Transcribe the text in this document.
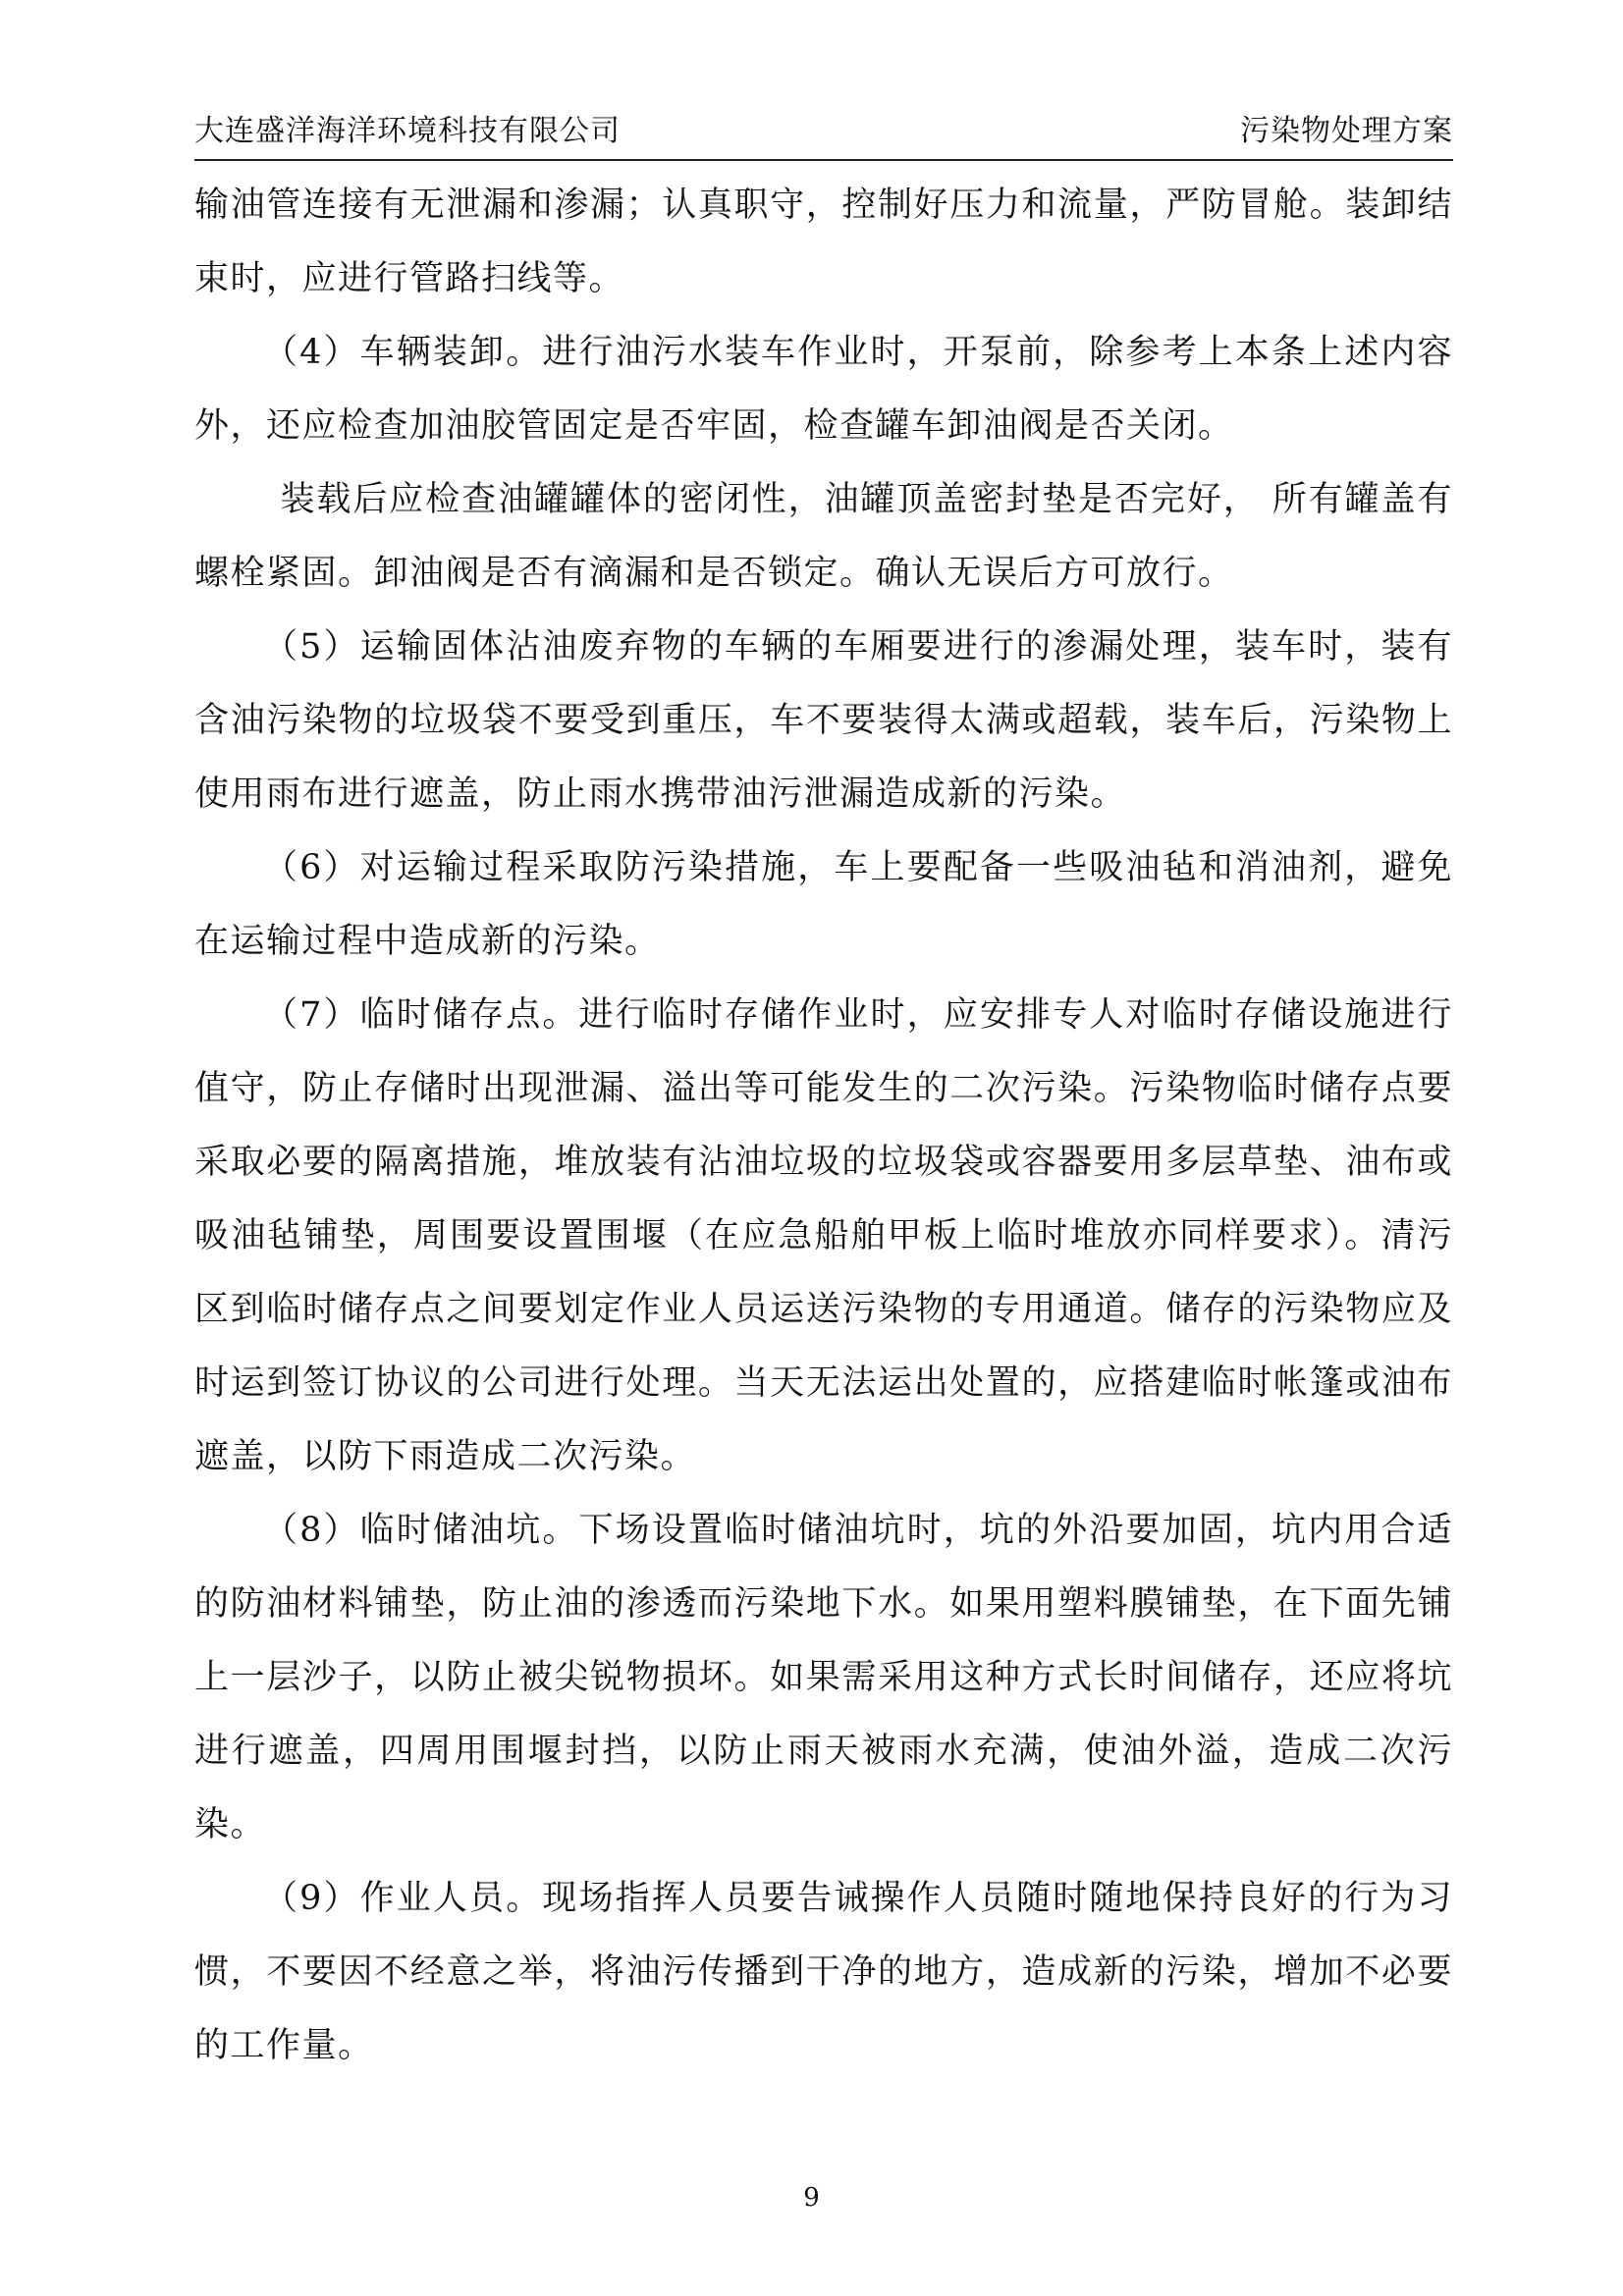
大连盛洋海洋环境科技有限公司	污染物处理方案

输油管连接有无泄漏和渗漏；认真职守，控制好压力和流量，严防冒舱。装卸结束时，应进行管路扫线等。

（4）车辆装卸。进行油污水装车作业时，开泵前，除参考上本条上述内容外，还应检查加油胶管固定是否牢固，检查罐车卸油阀是否关闭。

装载后应检查油罐罐体的密闭性，油罐顶盖密封垫是否完好， 所有罐盖有螺栓紧固。卸油阀是否有滴漏和是否锁定。确认无误后方可放行。

（5）运输固体沾油废弃物的车辆的车厢要进行的渗漏处理，装车时，装有含油污染物的垃圾袋不要受到重压，车不要装得太满或超载，装车后，污染物上使用雨布进行遮盖，防止雨水携带油污泄漏造成新的污染。

（6）对运输过程采取防污染措施，车上要配备一些吸油毡和消油剂，避免在运输过程中造成新的污染。

（7）临时储存点。进行临时存储作业时，应安排专人对临时存储设施进行值守，防止存储时出现泄漏、溢出等可能发生的二次污染。污染物临时储存点要采取必要的隔离措施，堆放装有沾油垃圾的垃圾袋或容器要用多层草垫、油布或吸油毡铺垫，周围要设置围堰（在应急船舶甲板上临时堆放亦同样要求）。清污区到临时储存点之间要划定作业人员运送污染物的专用通道。储存的污染物应及时运到签订协议的公司进行处理。当天无法运出处置的，应搭建临时帐篷或油布遮盖，以防下雨造成二次污染。

（8）临时储油坑。下场设置临时储油坑时，坑的外沿要加固，坑内用合适的防油材料铺垫，防止油的渗透而污染地下水。如果用塑料膜铺垫，在下面先铺上一层沙子，以防止被尖锐物损坏。如果需采用这种方式长时间储存，还应将坑进行遮盖，四周用围堰封挡，以防止雨天被雨水充满，使油外溢，造成二次污染。

（9）作业人员。现场指挥人员要告诫操作人员随时随地保持良好的行为习惯，不要因不经意之举，将油污传播到干净的地方，造成新的污染，增加不必要的工作量。

9
